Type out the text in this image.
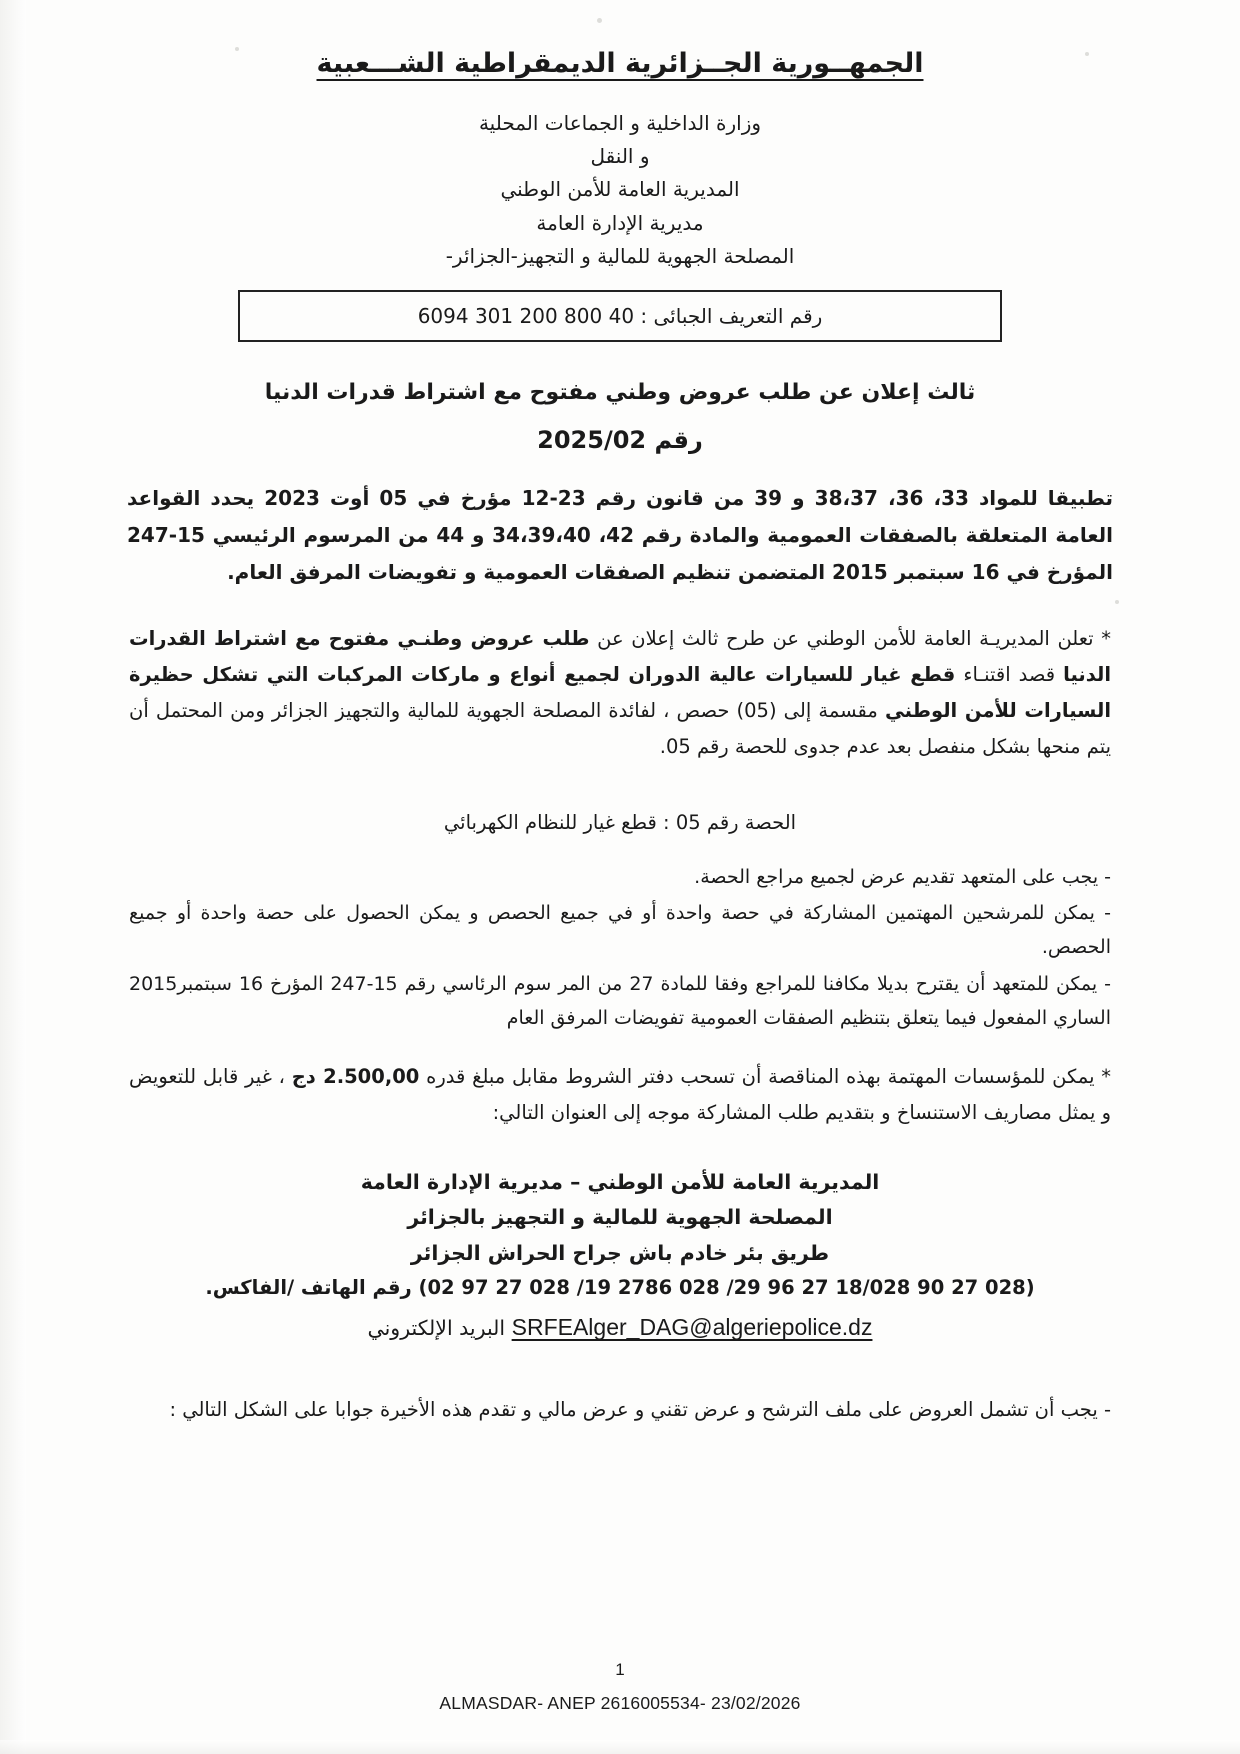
الجمهــورية الجــزائرية الديمقراطية الشـــعبية
وزارة الداخلية و الجماعات المحلية
و النقل
المديرية العامة للأمن الوطني
مديرية الإدارة العامة
المصلحة الجهوية للمالية و التجهيز-الجزائر-
رقم التعريف الجبائى : 40 800 200 301 6094
ثالث إعلان عن طلب عروض وطني مفتوح مع اشتراط قدرات الدنيا
رقم 2025/02
تطبيقا للمواد 33، 36، 38،37 و 39 من قانون رقم 23-12 مؤرخ في 05 أوت 2023 يحدد القواعد العامة المتعلقة بالصفقات العمومية والمادة رقم 42، 34،39،40 و 44 من المرسوم الرئيسي 15-247 المؤرخ في 16 سبتمبر 2015 المتضمن تنظيم الصفقات العمومية و تفويضات المرفق العام.
* تعلن المديريـة العامة للأمن الوطني عن طرح ثالث إعلان عن طلب عروض وطنـي مفتوح مع اشتراط القدرات الدنيا قصد اقتنـاء قطع غيار للسيارات عالية الدوران لجميع أنواع و ماركات المركبات التي تشكل حظيرة السيارات للأمن الوطني مقسمة إلى (05) حصص ، لفائدة المصلحة الجهوية للمالية والتجهيز الجزائر ومن المحتمل أن يتم منحها بشكل منفصل بعد عدم جدوى للحصة رقم 05.
الحصة رقم 05 : قطع غيار للنظام الكهربائي
- يجب على المتعهد تقديم عرض لجميع مراجع الحصة.
- يمكن للمرشحين المهتمين المشاركة في حصة واحدة أو في جميع الحصص و يمكن الحصول على حصة واحدة أو جميع الحصص.
- يمكن للمتعهد أن يقترح بديلا مكافنا للمراجع وفقا للمادة 27 من المر سوم الرئاسي رقم 15-247 المؤرخ 16 سبتمبر2015 الساري المفعول فيما يتعلق بتنظيم الصفقات العمومية تفويضات المرفق العام
* يمكن للمؤسسات المهتمة بهذه المناقصة أن تسحب دفتر الشروط مقابل مبلغ قدره 2.500,00 دج ، غير قابل للتعويض و يمثل مصاريف الاستنساخ و بتقديم طلب المشاركة موجه إلى العنوان التالي:
المديرية العامة للأمن الوطني – مديرية الإدارة العامة
المصلحة الجهوية للمالية و التجهيز بالجزائر
طريق بئر خادم باش جراح الحراش الجزائر
(028 27 90 18/028 27 96 29/ 028 2786 19/ 028 27 97 02) رقم الهاتف /الفاكس.
SRFEAlger_DAG@algeriepolice.dz البريد الإلكتروني
- يجب أن تشمل العروض على ملف الترشح و عرض تقني و عرض مالي و تقدم هذه الأخيرة جوابا على الشكل التالي :
1
ALMASDAR- ANEP 2616005534- 23/02/2026
